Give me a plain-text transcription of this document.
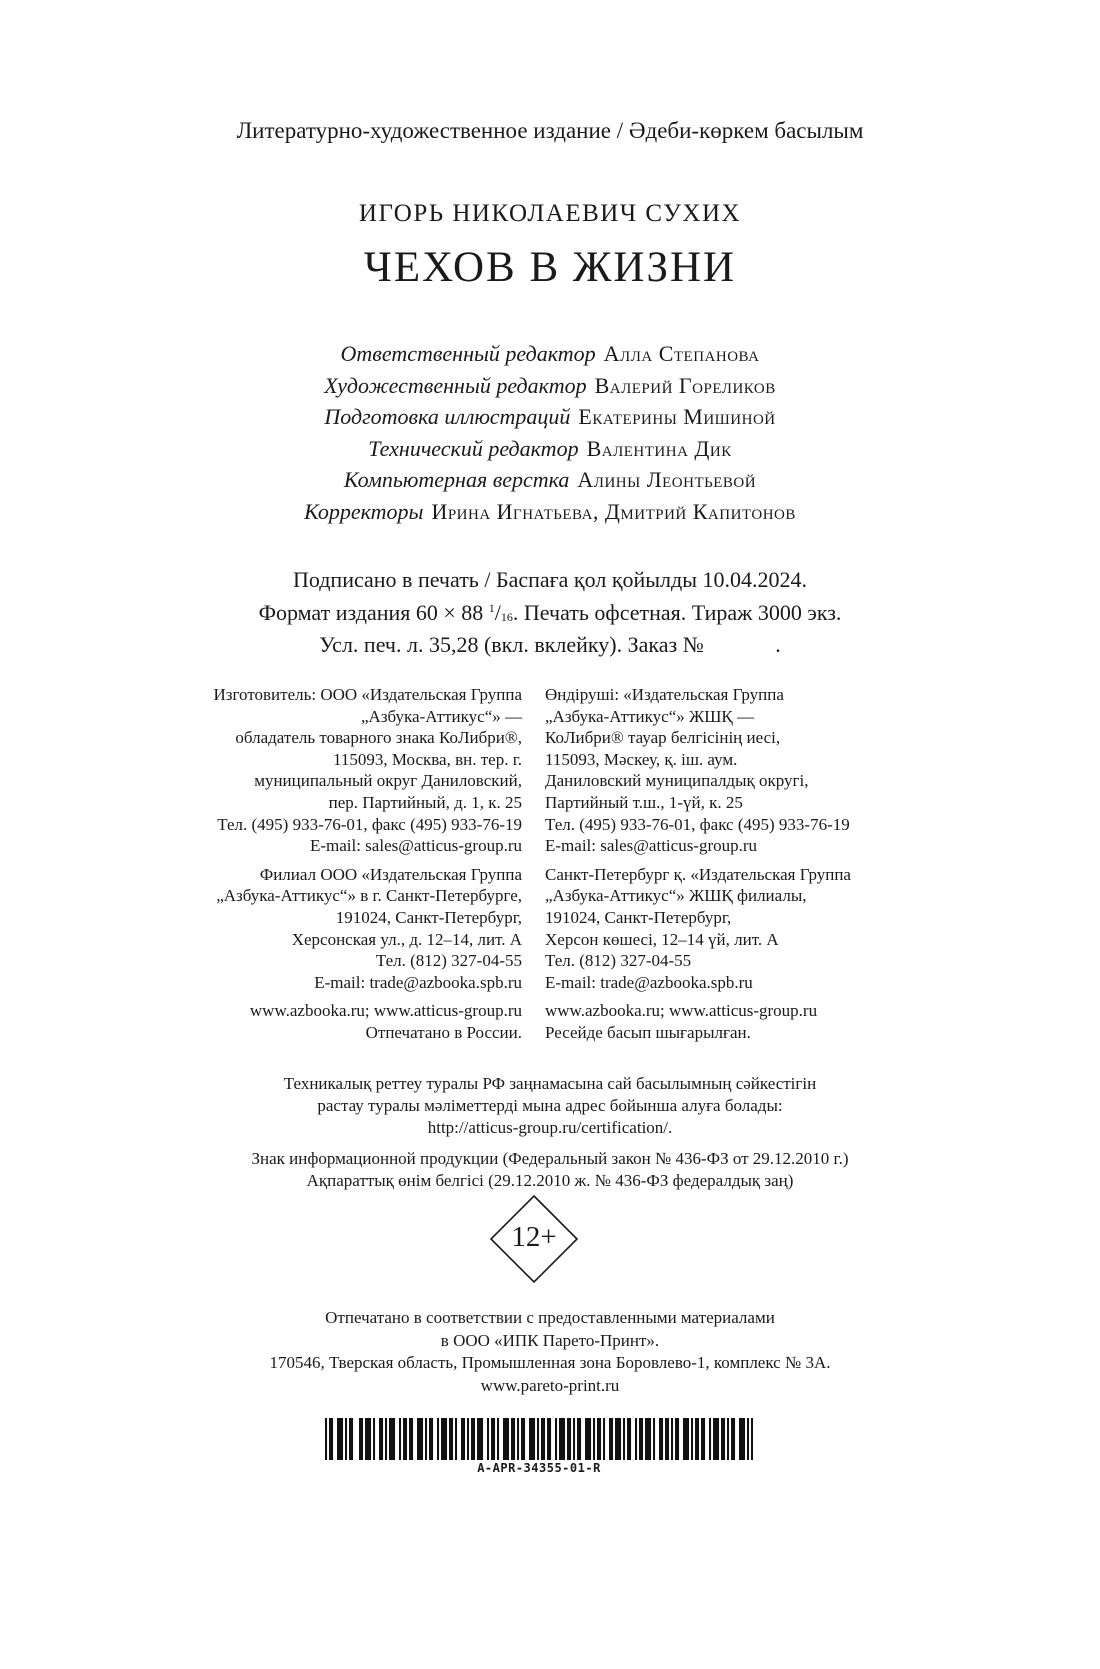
Литературно-художественное издание / Әдеби-көркем басылым
ИГОРЬ НИКОЛАЕВИЧ СУХИХ
ЧЕХОВ В ЖИЗНИ
Ответственный редактор Алла Степанова
Художественный редактор Валерий Гореликов
Подготовка иллюстраций Екатерины Мишиной
Технический редактор Валентина Дик
Компьютерная верстка Алины Леонтьевой
Корректоры Ирина Игнатьева, Дмитрий Капитонов
Подписано в печать / Баспаға қол қойылды 10.04.2024.
Формат издания 60 × 88 $^1/_{16}$. Печать офсетная. Тираж 3000 экз.
Усл. печ. л. 35,28 (вкл. вклейку). Заказ №             .
Изготовитель: ООО «Издательская Группа
„Азбука-Аттикус“» —
обладатель товарного знака КоЛибри®,
115093, Москва, вн. тер. г.
муниципальный округ Даниловский,
пер. Партийный, д. 1, к. 25
Тел. (495) 933-76-01, факс (495) 933-76-19
E-mail: sales@atticus-group.ru
Филиал ООО «Издательская Группа
„Азбука-Аттикус“» в г. Санкт-Петербурге,
191024, Санкт-Петербург,
Херсонская ул., д. 12–14, лит. А
Тел. (812) 327-04-55
E-mail: trade@azbooka.spb.ru
www.azbooka.ru; www.atticus-group.ru
Отпечатано в России.
Өндіруші: «Издательская Группа
„Азбука-Аттикус“» ЖШҚ —
КоЛибри® тауар белгісінің иесі,
115093, Мәскеу, қ. іш. аум.
Даниловский муниципалдық округі,
Партийный т.ш., 1-үй, к. 25
Тел. (495) 933-76-01, факс (495) 933-76-19
E-mail: sales@atticus-group.ru
Санкт-Петербург қ. «Издательская Группа
„Азбука-Аттикус“» ЖШҚ филиалы,
191024, Санкт-Петербург,
Херсон көшесі, 12–14 үй, лит. А
Тел. (812) 327-04-55
E-mail: trade@azbooka.spb.ru
www.azbooka.ru; www.atticus-group.ru
Ресейде басып шығарылған.
Техникалық реттеу туралы РФ заңнамасына сай басылымның сәйкестігін
растау туралы мәліметтерді мына адрес бойынша алуға болады:
http://atticus-group.ru/certification/.
Знак информационной продукции (Федеральный закон № 436-ФЗ от 29.12.2010 г.)
Ақпараттық өнім белгісі (29.12.2010 ж. № 436-ФЗ федералдық заң)
12+
Отпечатано в соответствии с предоставленными материалами
в ООО «ИПК Парето-Принт».
170546, Тверская область, Промышленная зона Боровлево-1, комплекс № 3А.
www.pareto-print.ru
A-APR-34355-01-R
